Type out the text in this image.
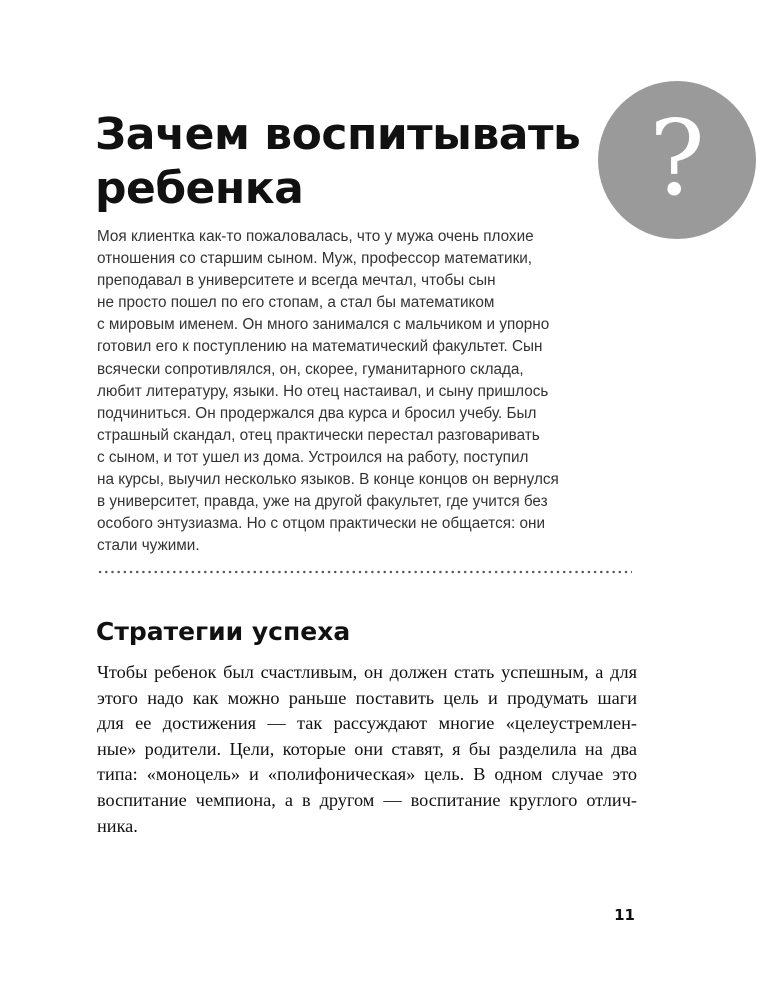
Зачем воспитывать
ребенка	?

Моя клиентка как-то пожаловалась, что у мужа очень плохие
отношения со старшим сыном. Муж, профессор математики,
преподавал в университете и всегда мечтал, чтобы сын
не просто пошел по его стопам, а стал бы математиком
с мировым именем. Он много занимался с мальчиком и упорно
готовил его к поступлению на математический факультет. Сын
всячески сопротивлялся, он, скорее, гуманитарного склада,
любит литературу, языки. Но отец настаивал, и сыну пришлось
подчиниться. Он продержался два курса и бросил учебу. Был
страшный скандал, отец практически перестал разговаривать
с сыном, и тот ушел из дома. Устроился на работу, поступил
на курсы, выучил несколько языков. В конце концов он вернулся
в университет, правда, уже на другой факультет, где учится без
особого энтузиазма. Но с отцом практически не общается: они
стали чужими.

Стратегии успеха

Чтобы ребенок был счастливым, он должен стать успешным, а для
этого надо как можно раньше поставить цель и продумать шаги
для ее достижения — так рассуждают многие «целеустремлен-
ные» родители. Цели, которые они ставят, я бы разделила на два
типа: «моноцель» и «полифоническая» цель. В одном случае это
воспитание чемпиона, а в другом — воспитание круглого отлич-
ника.

11
